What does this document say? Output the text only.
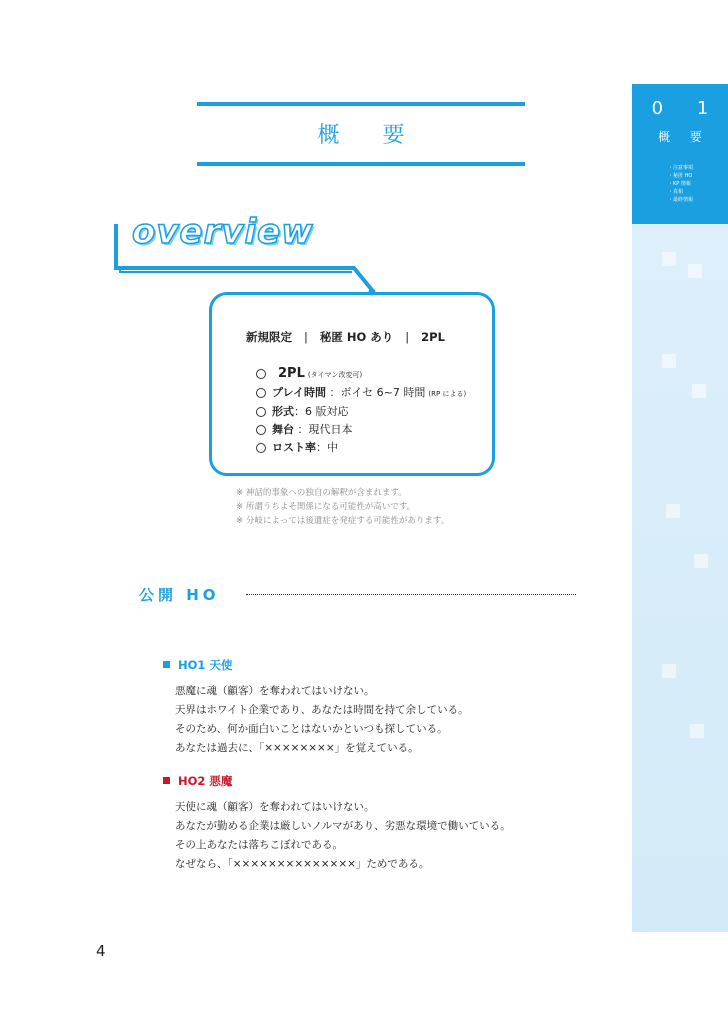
概 要
0 1
概 要
・ 注意事項
・ 秘匿 HO
・ KP 情報
・ 真相
・ 最終情報
overview
新規限定 | 秘匿 HO あり | 2PL
2PL (タイマン改変可)
プレイ時間 ：ボイセ 6~7 時間 (RP による)
形式：6 版対応
舞台 ：現代日本
ロスト率：中
※ 神話的事象への独自の解釈が含まれます。
※ 所謂うちよそ関係になる可能性が高いです。
※ 分岐によっては後遺症を発症する可能性があります。
公開 HO
HO1 天使
悪魔に魂（顧客）を奪われてはいけない。
天界はホワイト企業であり、あなたは時間を持て余している。
そのため、何か面白いことはないかといつも探している。
あなたは過去に、「××××××××」を覚えている。
HO2 悪魔
天使に魂（顧客）を奪われてはいけない。
あなたが勤める企業は厳しいノルマがあり、劣悪な環境で働いている。
その上あなたは落ちこぼれである。
なぜなら、「××××××××××××××」ためである。
4
